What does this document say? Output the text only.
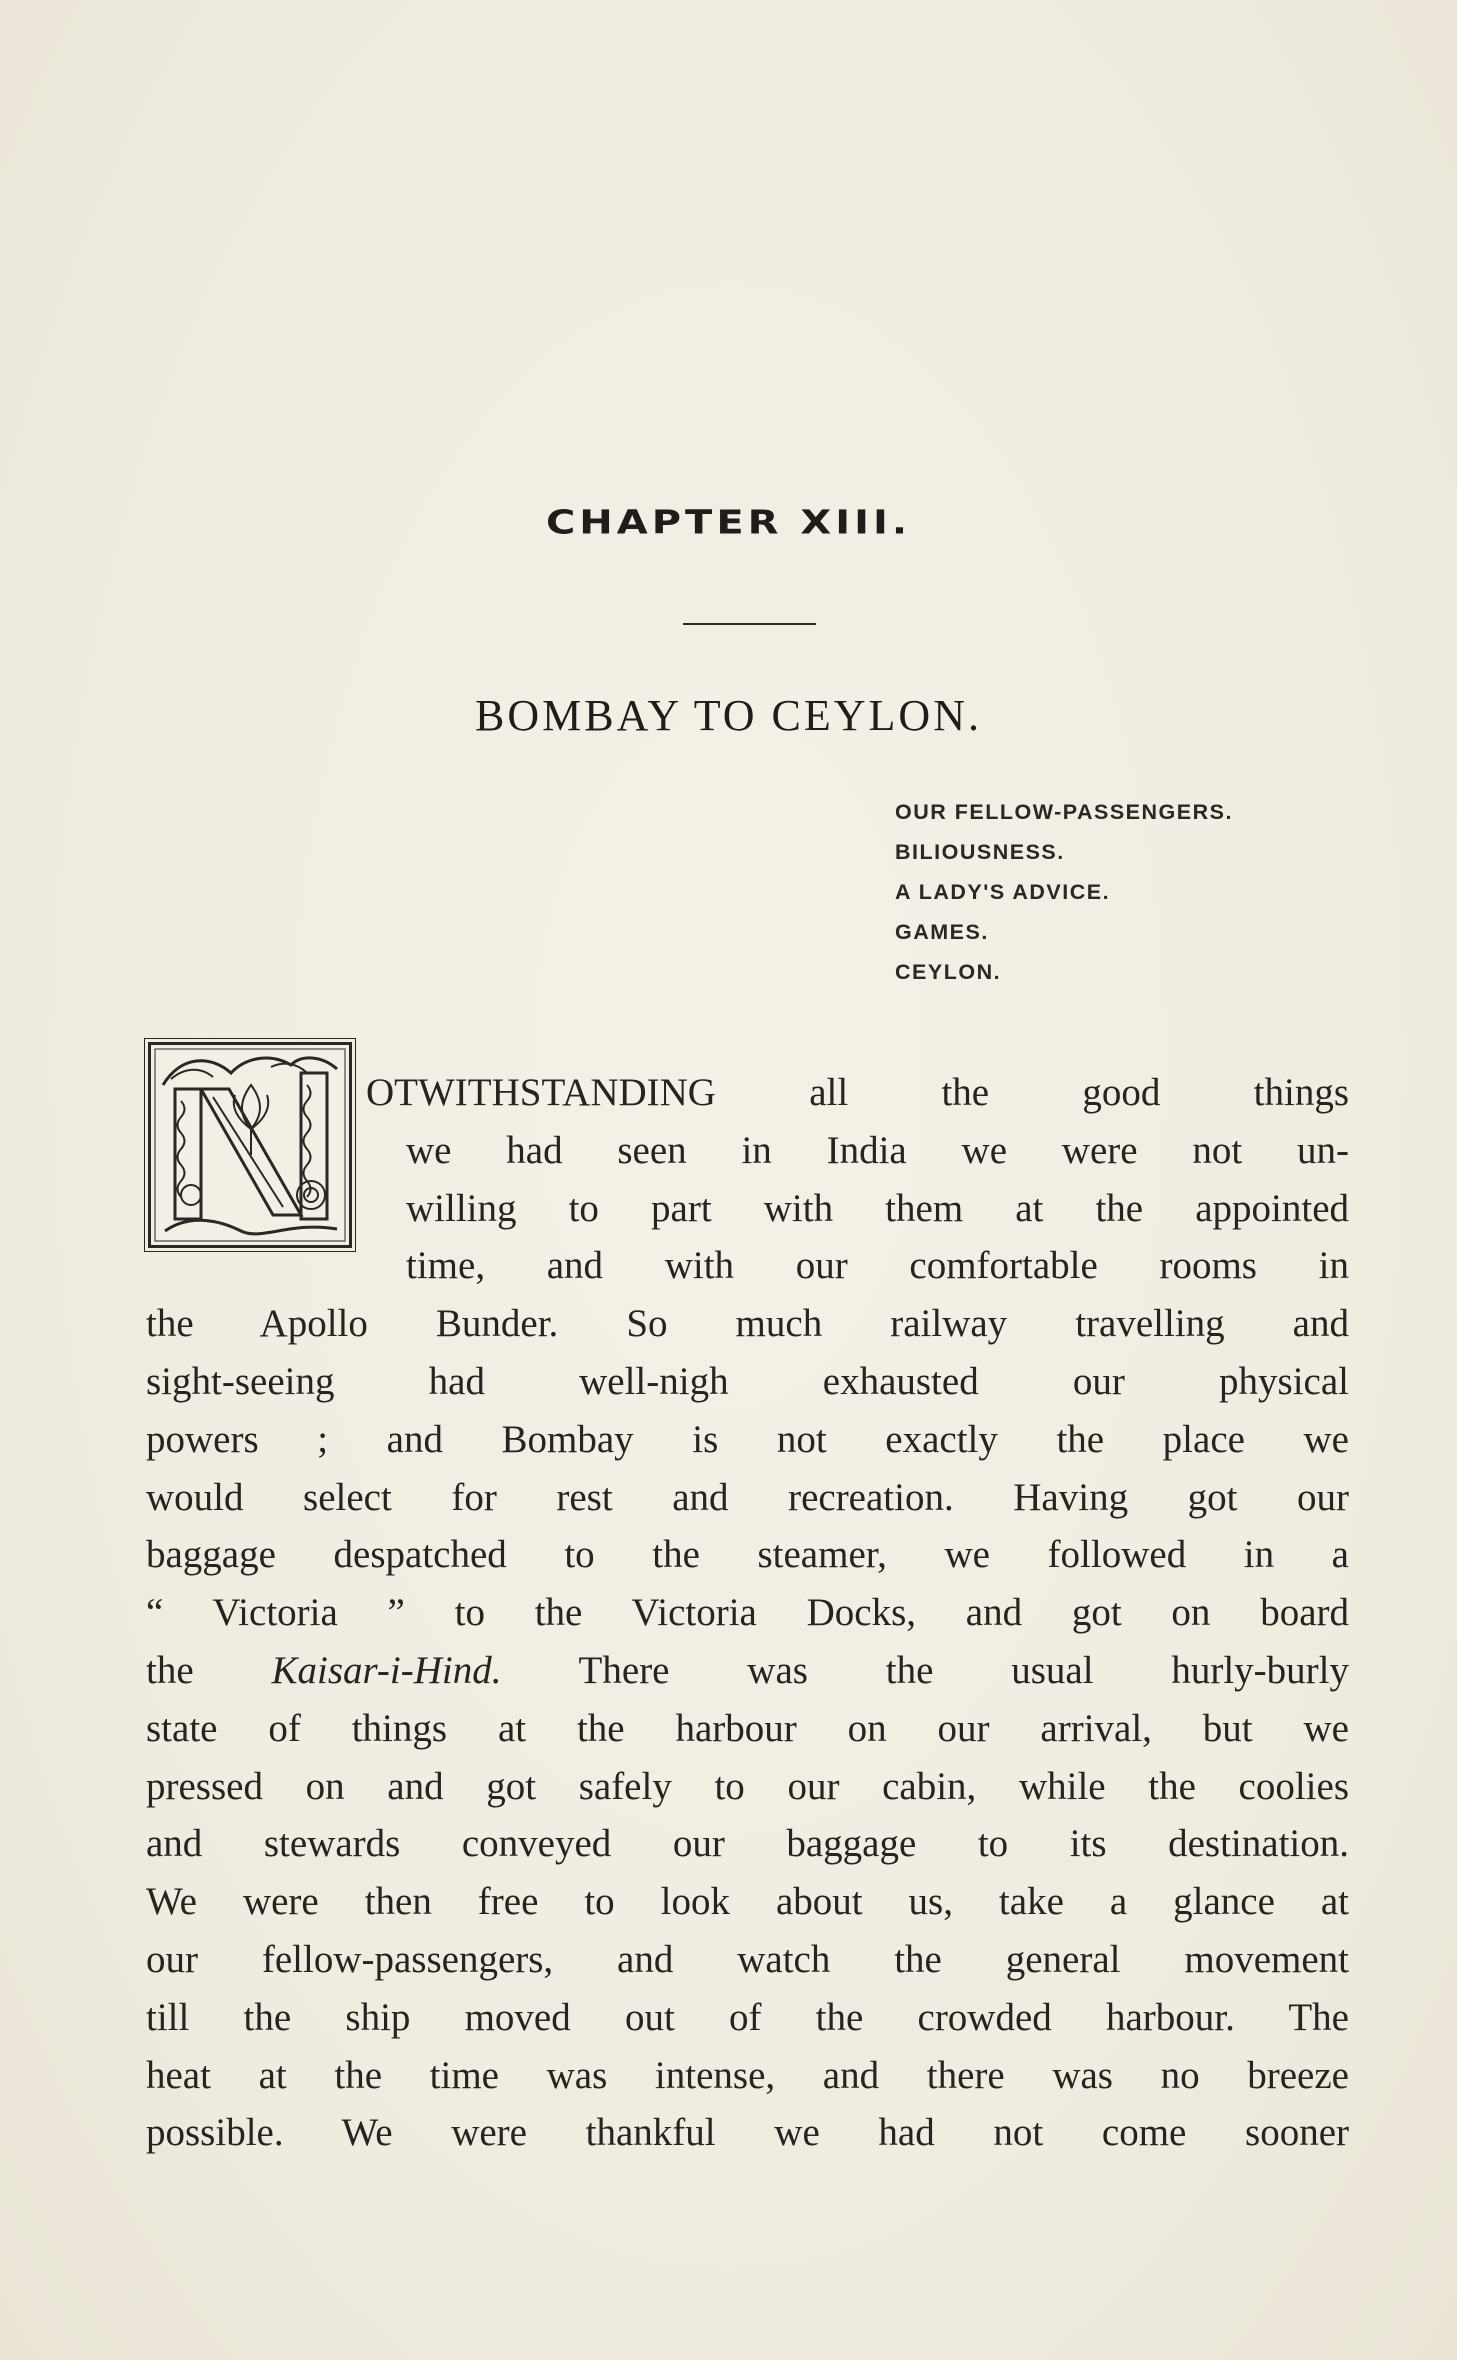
CHAPTER XIII.
BOMBAY TO CEYLON.
OUR FELLOW-PASSENGERS.
BILIOUSNESS.
A LADY'S ADVICE.
GAMES.
CEYLON.
OTWITHSTANDING all the good things
we had seen in India we were not un-
willing to part with them at the appointed
time, and with our comfortable rooms in
the Apollo Bunder. So much railway travelling and
sight-seeing had well-nigh exhausted our physical
powers ; and Bombay is not exactly the place we
would select for rest and recreation. Having got our
baggage despatched to the steamer, we followed in a
“ Victoria ” to the Victoria Docks, and got on board
the Kaisar-i-Hind. There was the usual hurly-burly
state of things at the harbour on our arrival, but we
pressed on and got safely to our cabin, while the coolies
and stewards conveyed our baggage to its destination.
We were then free to look about us, take a glance at
our fellow-passengers, and watch the general movement
till the ship moved out of the crowded harbour. The
heat at the time was intense, and there was no breeze
possible. We were thankful we had not come sooner
